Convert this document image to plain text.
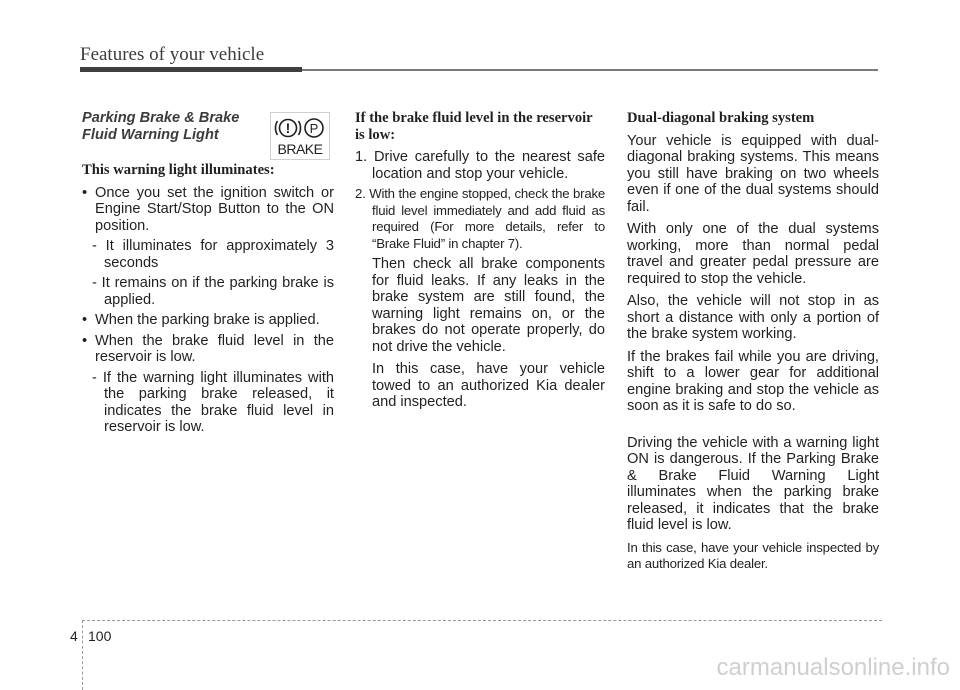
Features of your vehicle
Parking Brake & Brake Fluid Warning Light
This warning light illuminates:
• Once you set the ignition switch or Engine Start/Stop Button to the ON position.
- It illuminates for approximately 3 seconds
- It remains on if the parking brake is applied.
• When the parking brake is applied.
• When the brake fluid level in the reservoir is low.
- If the warning light illuminates with the parking brake released, it indicates the brake fluid level in reservoir is low.
! P
BRAKE
If the brake fluid level in the reservoir is low:
1. Drive carefully to the nearest safe location and stop your vehicle.
2. With the engine stopped, check the brake fluid level immediately and add fluid as required (For more details, refer to “Brake Fluid” in chapter 7).
Then check all brake components for fluid leaks. If any leaks in the brake system are still found, the warning light remains on, or the brakes do not operate properly, do not drive the vehicle.
In this case, have your vehicle towed to an authorized Kia dealer and inspected.
Dual-diagonal braking system

Your vehicle is equipped with dual-diagonal braking systems. This means you still have braking on two wheels even if one of the dual systems should fail.

With only one of the dual systems working, more than normal pedal travel and greater pedal pressure are required to stop the vehicle.

Also, the vehicle will not stop in as short a distance with only a portion of the brake system working.

If the brakes fail while you are driving, shift to a lower gear for additional engine braking and stop the vehicle as soon as it is safe to do so.

Driving the vehicle with a warning light ON is dangerous. If the Parking Brake & Brake Fluid Warning Light illuminates when the parking brake released, it indicates that the brake fluid level is low.

In this case, have your vehicle inspected by an authorized Kia dealer.

4 100
carmanualsonline.info
